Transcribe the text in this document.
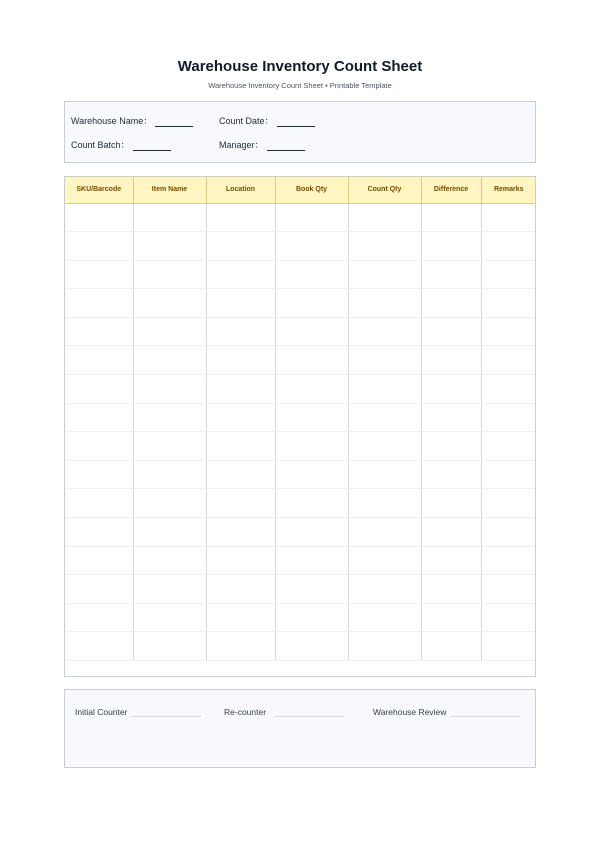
Warehouse Inventory Count Sheet
Warehouse Inventory Count Sheet • Printable Template
Warehouse Name：	Count Date：
Count Batch：	Manager：
SKU/Barcode	Item Name	Location	Book Qty	Count Qty	Difference	Remarks

Initial Counter	Re-counter	Warehouse Review
